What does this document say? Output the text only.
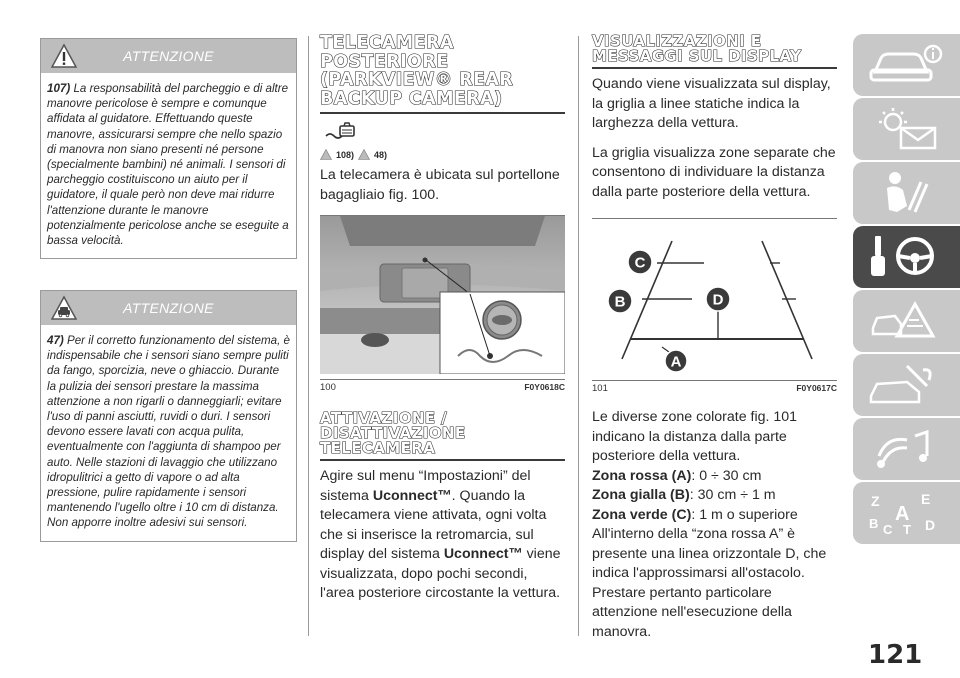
ATTENZIONE
107) La responsabilità del parcheggio e di altre manovre pericolose è sempre e comunque affidata al guidatore. Effettuando queste manovre, assicurarsi sempre che nello spazio di manovra non siano presenti né persone (specialmente bambini) né animali. I sensori di parcheggio costituiscono un aiuto per il guidatore, il quale però non deve mai ridurre l'attenzione durante le manovre potenzialmente pericolose anche se eseguite a bassa velocità.
ATTENZIONE
47) Per il corretto funzionamento del sistema, è indispensabile che i sensori siano sempre puliti da fango, sporcizia, neve o ghiaccio. Durante la pulizia dei sensori prestare la massima attenzione a non rigarli o danneggiarli; evitare l'uso di panni asciutti, ruvidi o duri. I sensori devono essere lavati con acqua pulita, eventualmente con l'aggiunta di shampoo per auto. Nelle stazioni di lavaggio che utilizzano idropulitrici a getto di vapore o ad alta pressione, pulire rapidamente i sensori mantenendo l'ugello oltre i 10 cm di distanza. Non apporre inoltre adesivi sui sensori.
TELECAMERA POSTERIORE (PARKVIEW® REAR BACKUP CAMERA)
108) 48)
La telecamera è ubicata sul portellone bagagliaio fig. 100.
100	F0Y0618C
ATTIVAZIONE / DISATTIVAZIONE TELECAMERA
Agire sul menu “Impostazioni” del sistema Uconnect™. Quando la telecamera viene attivata, ogni volta che si inserisce la retromarcia, sul display del sistema Uconnect™ viene visualizzata, dopo pochi secondi, l'area posteriore circostante la vettura.
VISUALIZZAZIONI E MESSAGGI SUL DISPLAY
Quando viene visualizzata sul display, la griglia a linee statiche indica la larghezza della vettura.
La griglia visualizza zone separate che consentono di individuare la distanza dalla parte posteriore della vettura.
C
B	D
A
101	F0Y0617C
Le diverse zone colorate fig. 101 indicano la distanza dalla parte posteriore della vettura.
Zona rossa (A): 0 ÷ 30 cm
Zona gialla (B): 30 cm ÷ 1 m
Zona verde (C): 1 m o superiore
All'interno della “zona rossa A” è presente una linea orizzontale D, che indica l'approssimarsi all'ostacolo. Prestare pertanto particolare attenzione nell'esecuzione della manovra.
Z	E
A
B C T D
121
